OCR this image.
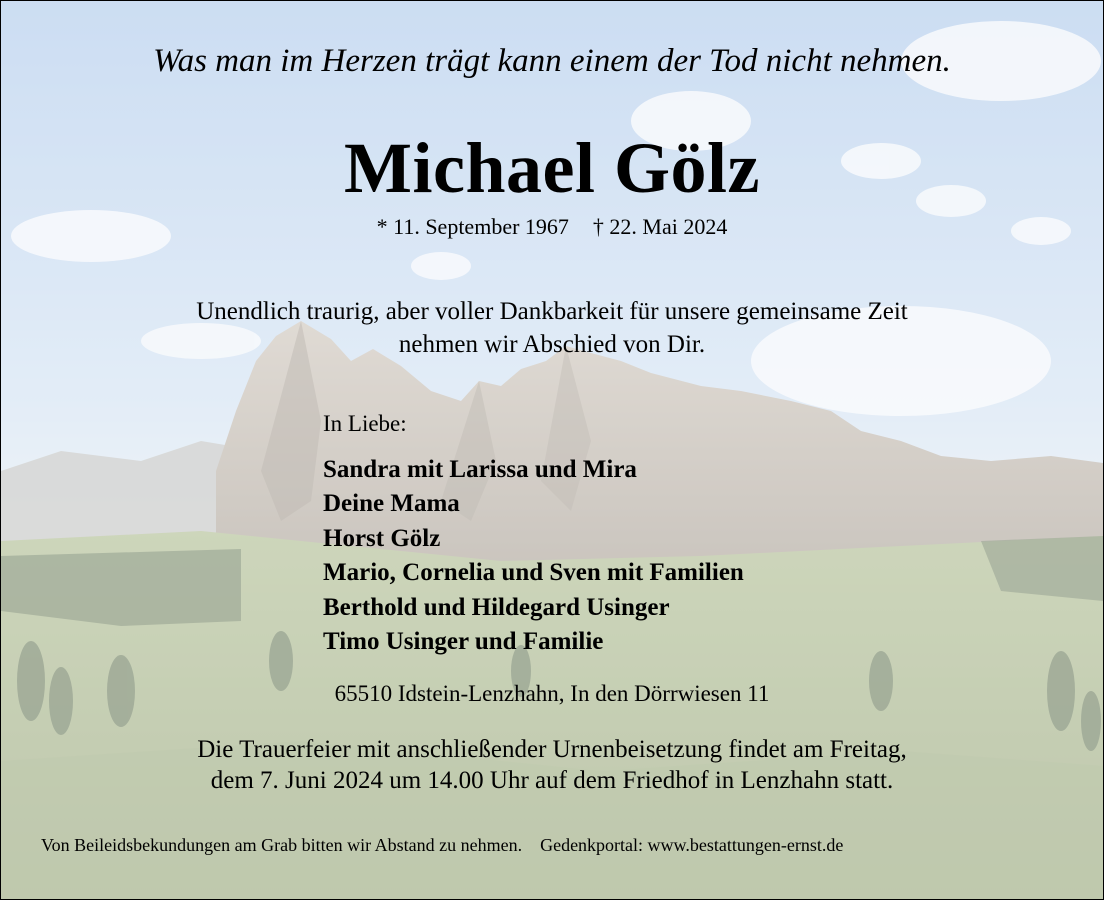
Was man im Herzen trägt kann einem der Tod nicht nehmen.
Michael Gölz
* 11. September 1967 † 22. Mai 2024
Unendlich traurig, aber voller Dankbarkeit für unsere gemeinsame Zeit
nehmen wir Abschied von Dir.
In Liebe:
Sandra mit Larissa und Mira
Deine Mama
Horst Gölz
Mario, Cornelia und Sven mit Familien
Berthold und Hildegard Usinger
Timo Usinger und Familie
65510 Idstein-Lenzhahn, In den Dörrwiesen 11
Die Trauerfeier mit anschließender Urnenbeisetzung findet am Freitag,
dem 7. Juni 2024 um 14.00 Uhr auf dem Friedhof in Lenzhahn statt.
Von Beileidsbekundungen am Grab bitten wir Abstand zu nehmen. Gedenkportal: www.bestattungen-ernst.de
